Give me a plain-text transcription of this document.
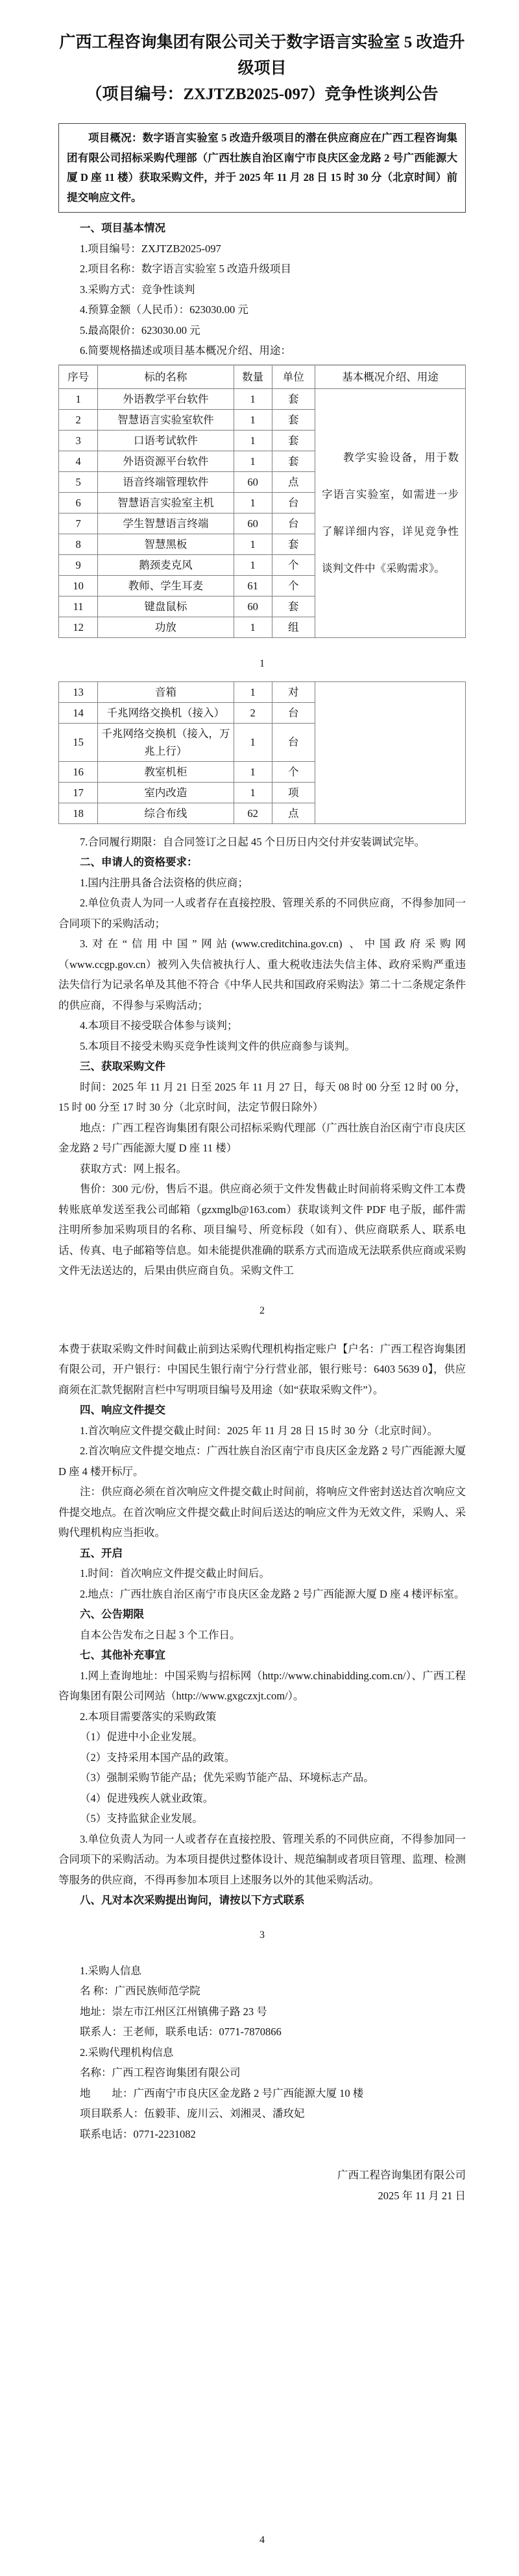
广西工程咨询集团有限公司关于数字语言实验室 5 改造升级项目
（项目编号：ZXJTZB2025-097）竞争性谈判公告
项目概况：数字语言实验室 5 改造升级项目的潜在供应商应在广西工程咨询集团有限公司招标采购代理部（广西壮族自治区南宁市良庆区金龙路 2 号广西能源大厦 D 座 11 楼）获取采购文件，并于 2025 年 11 月 28 日 15 时 30 分（北京时间）前提交响应文件。

一、项目基本情况

1.项目编号：ZXJTZB2025-097

2.项目名称：数字语言实验室 5 改造升级项目

3.采购方式：竞争性谈判

4.预算金额（人民币）：623030.00 元

5.最高限价：623030.00 元

6.简要规格描述或项目基本概况介绍、用途：

序号	标的名称	数量	单位	基本概况介绍、用途
1	外语教学平台软件	1	套	教学实验设备，用于数字语言实验室，如需进一步了解详细内容，详见竞争性谈判文件中《采购需求》。
2	智慧语言实验室软件	1	套	
3	口语考试软件	1	套	
4	外语资源平台软件	1	套	
5	语音终端管理软件	60	点	
6	智慧语言实验室主机	1	台	
7	学生智慧语言终端	60	台	
8	智慧黑板	1	套	
9	鹅颈麦克风	1	个	
10	教师、学生耳麦	61	个	
11	键盘鼠标	60	套	
12	功放	1	组	
1
13	音箱	1	对	
14	千兆网络交换机（接入）	2	台	
15	千兆网络交换机（接入，万兆上行）	1	台	
16	教室机柜	1	个	
17	室内改造	1	项	
18	综合布线	62	点	

7.合同履行期限：自合同签订之日起 45 个日历日内交付并安装调试完毕。

二、申请人的资格要求：

1.国内注册具备合法资格的供应商；

2.单位负责人为同一人或者存在直接控股、管理关系的不同供应商，不得参加同一合同项下的采购活动；

3.对在“信用中国”网站(www.creditchina.gov.cn) 、中国政府采购网（www.ccgp.gov.cn）被列入失信被执行人、重大税收违法失信主体、政府采购严重违法失信行为记录名单及其他不符合《中华人民共和国政府采购法》第二十二条规定条件的供应商，不得参与采购活动；

4.本项目不接受联合体参与谈判；

5.本项目不接受未购买竞争性谈判文件的供应商参与谈判。

三、获取采购文件

时间：2025 年 11 月 21 日至 2025 年 11 月 27 日，每天 08 时 00 分至 12 时 00 分，15 时 00 分至 17 时 30 分（北京时间，法定节假日除外）

地点：广西工程咨询集团有限公司招标采购代理部（广西壮族自治区南宁市良庆区金龙路 2 号广西能源大厦 D 座 11 楼）

获取方式：网上报名。

售价：300 元/份，售后不退。供应商必须于文件发售截止时间前将采购文件工本费转账底单发送至我公司邮箱（gzxmglb@163.com）获取谈判文件 PDF 电子版，邮件需注明所参加采购项目的名称、项目编号、所竞标段（如有）、供应商联系人、联系电话、传真、电子邮箱等信息。如未能提供准确的联系方式而造成无法联系供应商或采购文件无法送达的，后果由供应商自负。采购文件工

2

本费于获取采购文件时间截止前到达采购代理机构指定账户【户名：广西工程咨询集团有限公司，开户银行：中国民生银行南宁分行营业部，银行账号：6403 5639 0】，供应商须在汇款凭据附言栏中写明项目编号及用途（如“获取采购文件”）。

四、响应文件提交

1.首次响应文件提交截止时间：2025 年 11 月 28 日 15 时 30 分（北京时间）。

2.首次响应文件提交地点：广西壮族自治区南宁市良庆区金龙路 2 号广西能源大厦 D 座 4 楼开标厅。

注：供应商必须在首次响应文件提交截止时间前，将响应文件密封送达首次响应文件提交地点。在首次响应文件提交截止时间后送达的响应文件为无效文件，采购人、采购代理机构应当拒收。

五、开启

1.时间：首次响应文件提交截止时间后。

2.地点：广西壮族自治区南宁市良庆区金龙路 2 号广西能源大厦 D 座 4 楼评标室。

六、公告期限

自本公告发布之日起 3 个工作日。

七、其他补充事宜

1.网上查询地址：中国采购与招标网（http://www.chinabidding.com.cn/）、广西工程咨询集团有限公司网站（http://www.gxgczxjt.com/）。

2.本项目需要落实的采购政策

（1）促进中小企业发展。

（2）支持采用本国产品的政策。

（3）强制采购节能产品；优先采购节能产品、环境标志产品。

（4）促进残疾人就业政策。

（5）支持监狱企业发展。

3.单位负责人为同一人或者存在直接控股、管理关系的不同供应商，不得参加同一合同项下的采购活动。为本项目提供过整体设计、规范编制或者项目管理、监理、检测等服务的供应商，不得再参加本项目上述服务以外的其他采购活动。

八、凡对本次采购提出询问，请按以下方式联系

3

1.采购人信息

名 称：广西民族师范学院

地址：崇左市江州区江州镇佛子路 23 号

联系人：王老师，联系电话：0771-7870866

2.采购代理机构信息

名称：广西工程咨询集团有限公司

地　　址：广西南宁市良庆区金龙路 2 号广西能源大厦 10 楼

项目联系人：伍毅菲、庞川云、刘湘灵、潘玫妃

联系电话：0771-2231082

广西工程咨询集团有限公司

2025 年 11 月 21 日

4
